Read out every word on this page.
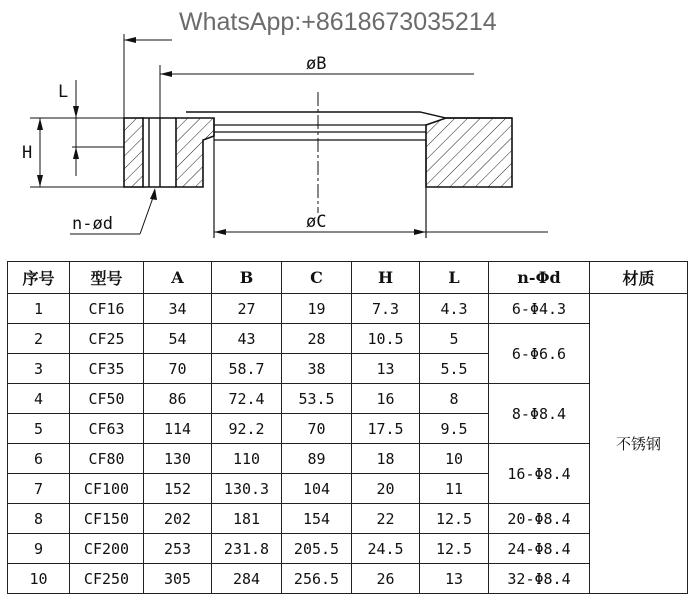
WhatsApp:+8618673035214
øB
øC
H
L
n-ød
序号	型号	A	B	C	H	L	n-Φd	材质
1	CF16	34	27	19	7.3	4.3	6-Φ4.3	不锈钢
2	CF25	54	43	28	10.5	5	6-Φ6.6	
3	CF35	70	58.7	38	13	5.5		
4	CF50	86	72.4	53.5	16	8	8-Φ8.4	
5	CF63	114	92.2	70	17.5	9.5		
6	CF80	130	110	89	18	10	16-Φ8.4	
7	CF100	152	130.3	104	20	11		
8	CF150	202	181	154	22	12.5	20-Φ8.4	
9	CF200	253	231.8	205.5	24.5	12.5	24-Φ8.4	
10	CF250	305	284	256.5	26	13	32-Φ8.4	
